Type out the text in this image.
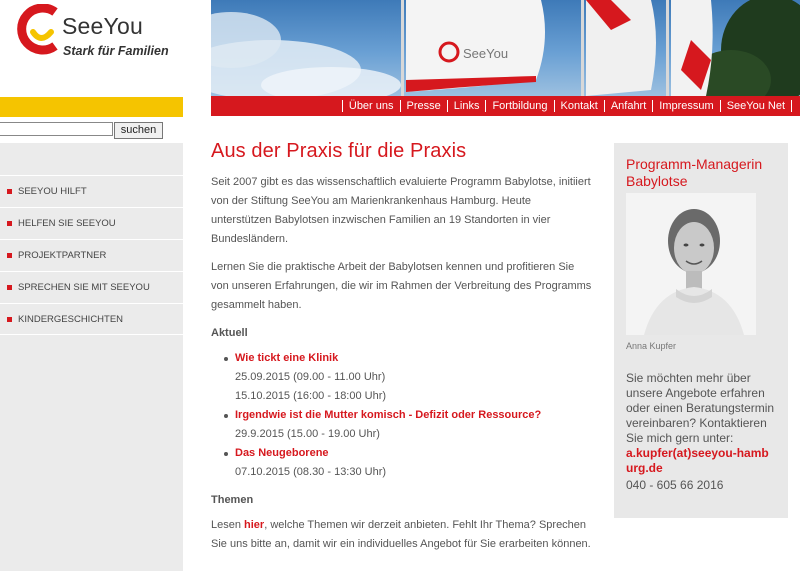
SeeYou
Stark für Familien
suchen
SEEYOU HILFT
HELFEN SIE SEEYOU
PROJEKTPARTNER
SPRECHEN SIE MIT SEEYOU
KINDERGESCHICHTEN
SeeYou
Über uns	Presse	Links	Fortbildung	Kontakt	Anfahrt	Impressum	SeeYou Net
Aus der Praxis für die Praxis

Seit 2007 gibt es das wissenschaftlich evaluierte Programm Babylotse, initiiert von der Stiftung SeeYou am Marienkrankenhaus Hamburg. Heute unterstützen Babylotsen inzwischen Familien an 19 Standorten in vier Bundesländern.

Lernen Sie die praktische Arbeit der Babylotsen kennen und profitieren Sie von unseren Erfahrungen, die wir im Rahmen der Verbreitung des Programms gesammelt haben.

Aktuell
Wie tickt eine Klinik
25.09.2015 (09.00 - 11.00 Uhr)
15.10.2015 (16:00 - 18:00 Uhr)
Irgendwie ist die Mutter komisch - Defizit oder Ressource?
29.9.2015 (15.00 - 19.00 Uhr)
Das Neugeborene
07.10.2015 (08.30 - 13:30 Uhr)
Themen

Lesen hier, welche Themen wir derzeit anbieten. Fehlt Ihr Thema? Sprechen Sie uns bitte an, damit wir ein individuelles Angebot für Sie erarbeiten können.

Programm-Managerin Babylotse
Anna Kupfer

Sie möchten mehr über unsere Angebote erfahren oder einen Beratungstermin vereinbaren? Kontaktieren Sie mich gern unter:

a.kupfer(at)seeyou-hamburg.de
040 - 605 66 2016
